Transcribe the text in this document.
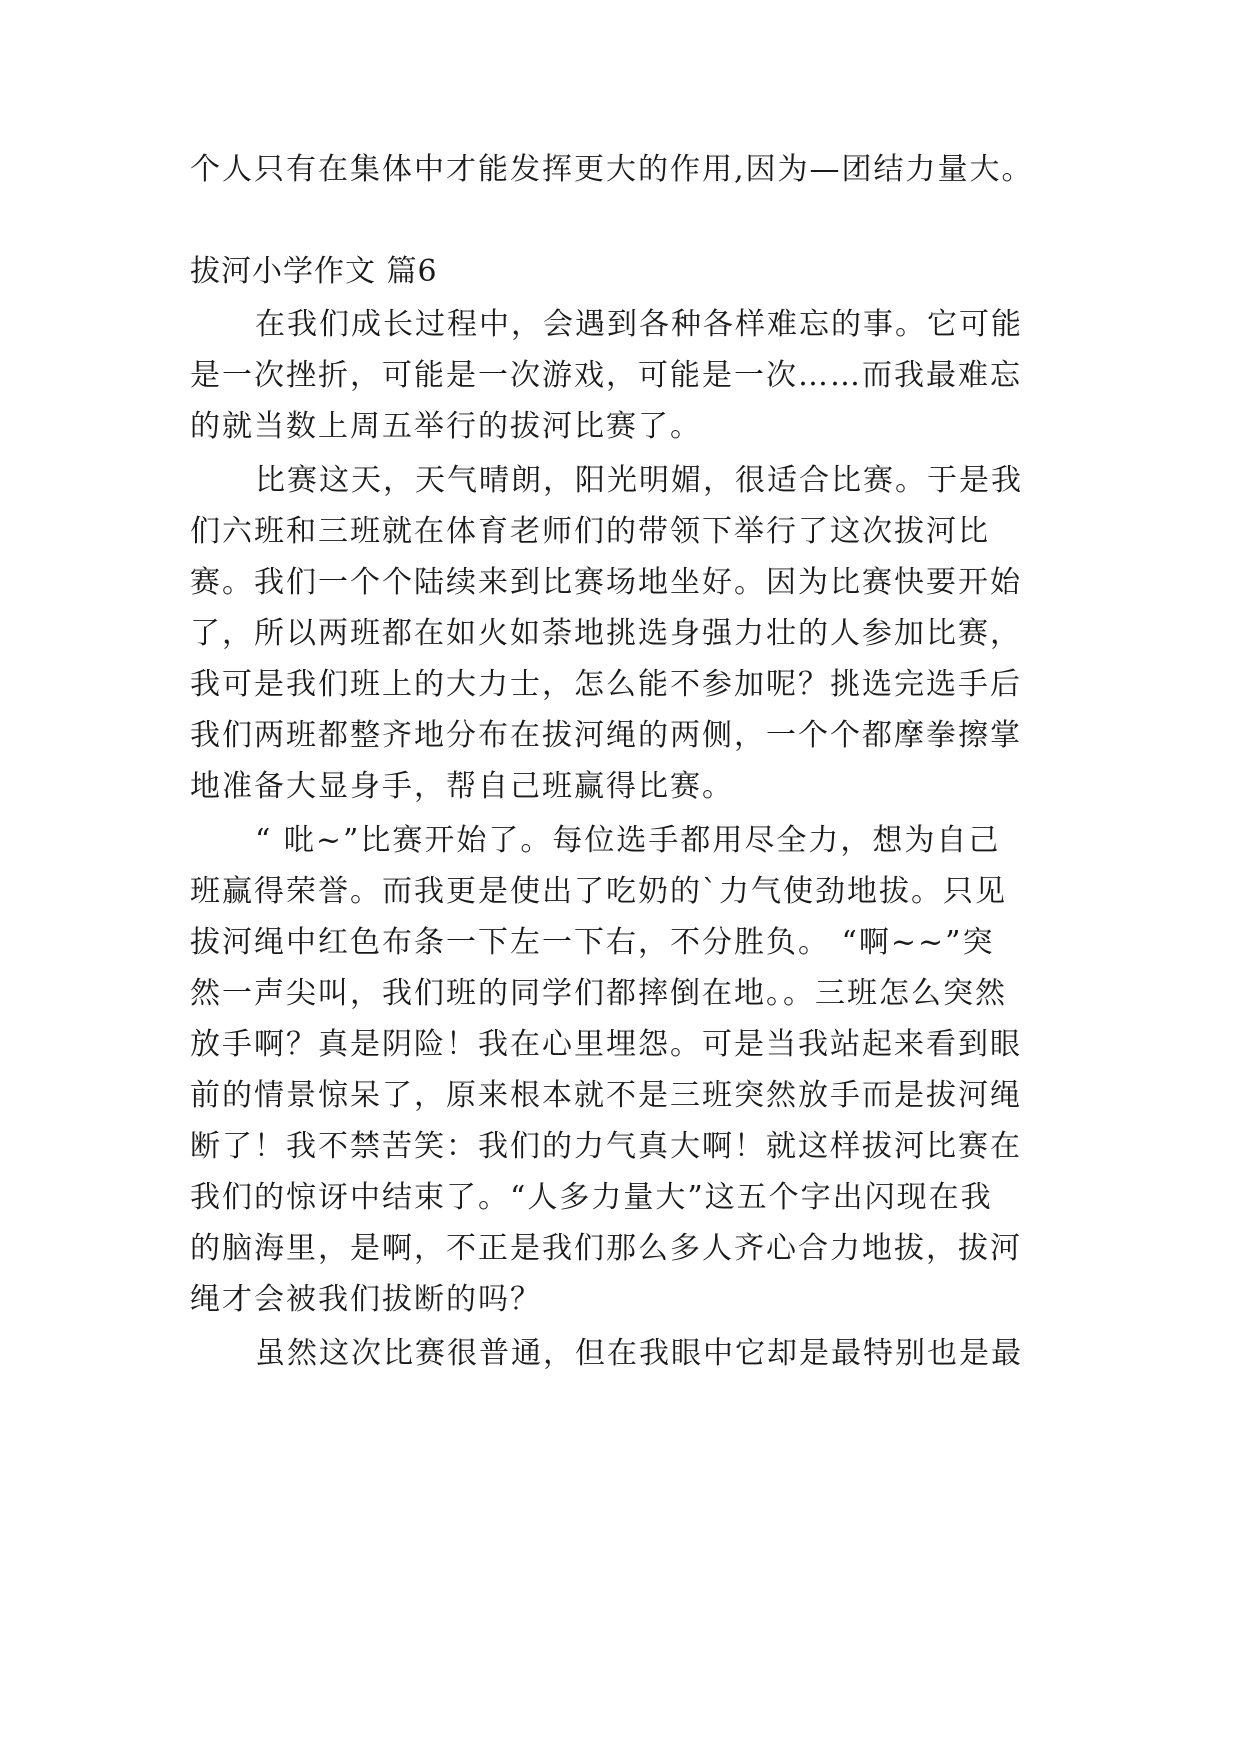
个人只有在集体中才能发挥更大的作用,因为—团结力量大。
拔河小学作文 篇6
在我们成长过程中，会遇到各种各样难忘的事。它可能
是一次挫折，可能是一次游戏，可能是一次……而我最难忘
的就当数上周五举行的拔河比赛了。
比赛这天，天气晴朗，阳光明媚，很适合比赛。于是我
们六班和三班就在体育老师们的带领下举行了这次拔河比
赛。我们一个个陆续来到比赛场地坐好。因为比赛快要开始
了，所以两班都在如火如荼地挑选身强力壮的人参加比赛，
我可是我们班上的大力士，怎么能不参加呢？挑选完选手后
我们两班都整齐地分布在拔河绳的两侧，一个个都摩拳擦掌
地准备大显身手，帮自己班赢得比赛。
“ 吡~”比赛开始了。每位选手都用尽全力，想为自己
班赢得荣誉。而我更是使出了吃奶的`力气使劲地拔。只见
拔河绳中红色布条一下左一下右，不分胜负。 “啊~~”突
然一声尖叫，我们班的同学们都摔倒在地。。三班怎么突然
放手啊？真是阴险！我在心里埋怨。可是当我站起来看到眼
前的情景惊呆了，原来根本就不是三班突然放手而是拔河绳
断了！我不禁苦笑：我们的力气真大啊！就这样拔河比赛在
我们的惊讶中结束了。“人多力量大”这五个字出闪现在我
的脑海里，是啊，不正是我们那么多人齐心合力地拔，拔河
绳才会被我们拔断的吗？
虽然这次比赛很普通，但在我眼中它却是最特别也是最
